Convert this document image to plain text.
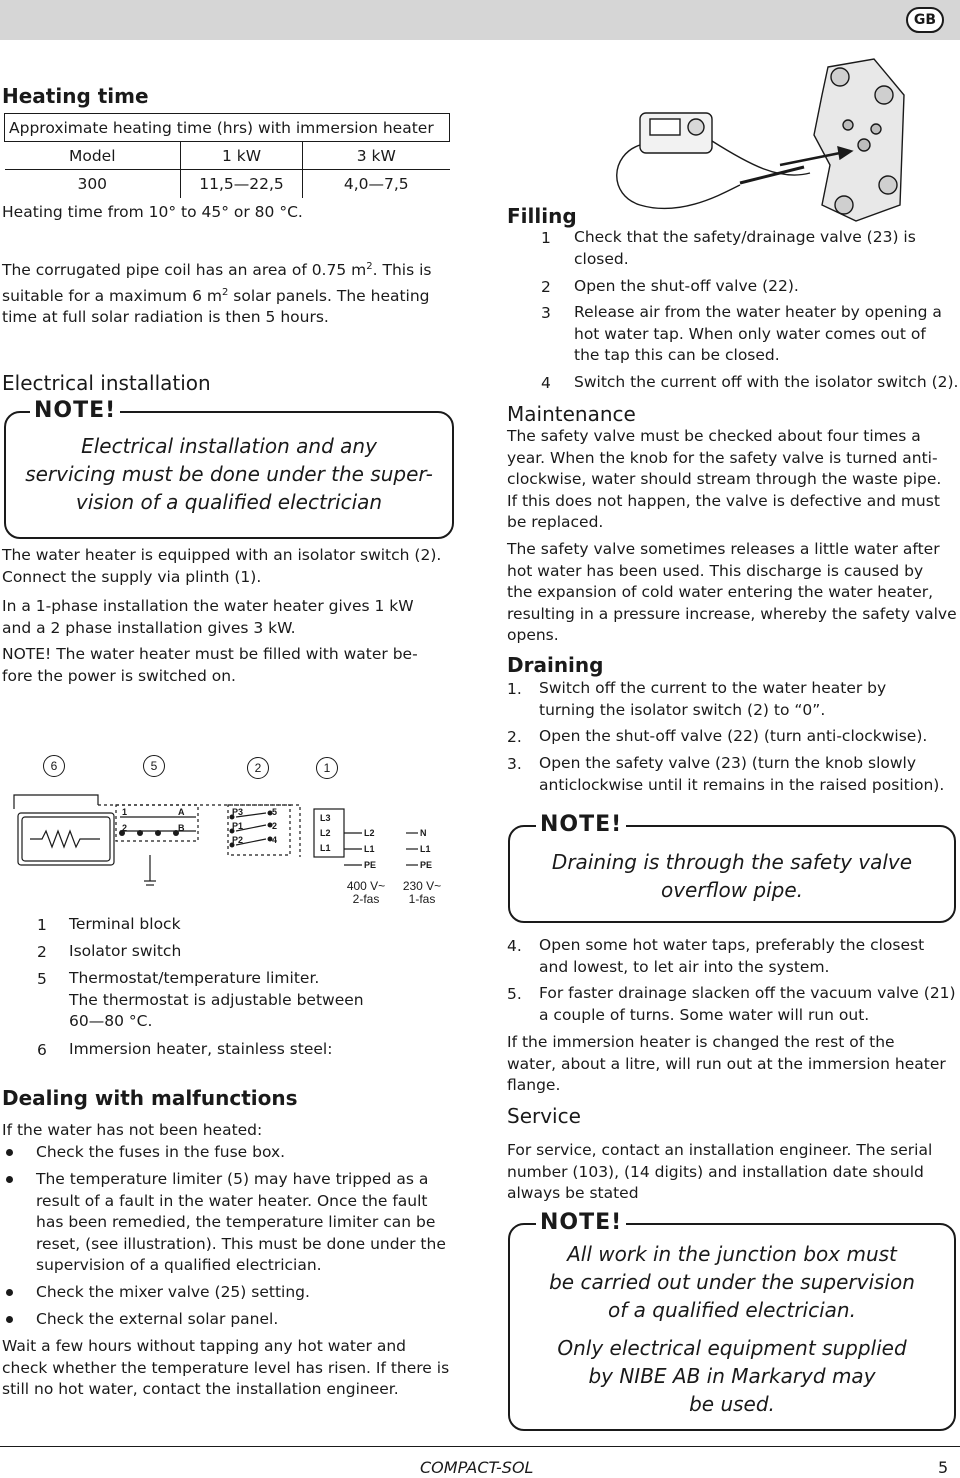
GB
Heating time
Approximate heating time (hrs) with immersion heater		
Model	1 kW	3 kW
300	11,5—22,5	4,0—7,5
Heating time from 10° to 45° or 80 °C.
The corrugated pipe coil has an area of 0.75 $m^2$. This is
suitable for a maximum 6 $m^2$ solar panels. The heating
time at full solar radiation is then 5 hours.
Electrical installation
NOTE!
Electrical installation and any
servicing must be done under the super-
vision of a qualified electrician
The water heater is equipped with an isolator switch (2).
Connect the supply via plinth (1).
In a 1-phase installation the water heater gives 1 kW
and a 2 phase installation gives 3 kW.
NOTE! The water heater must be filled with water be-
fore the power is switched on.
6	5	2	1
1	A
2	B
P3	5
P1	2
P2	4
L3
L2
L1
L2
L1
PE
N
L1
PE
400 V~
2-fas
230 V~
1-fas
1 Terminal block
2 Isolator switch
5 Thermostat/temperature limiter.
The thermostat is adjustable between
60—80 °C.
6 Immersion heater, stainless steel:
Dealing with malfunctions
If the water has not been heated:
Check the fuses in the fuse box.
The temperature limiter (5) may have tripped as a
result of a fault in the water heater. Once the fault
has been remedied, the temperature limiter can be
reset, (see illustration). This must be done under the
supervision of a qualified electrician.
Check the mixer valve (25) setting.
Check the external solar panel.
Wait a few hours without tapping any hot water and
check whether the temperature level has risen. If there is
still no hot water, contact the installation engineer.
Filling
1 Check that the safety/drainage valve (23) is
closed.
2 Open the shut-off valve (22).
3 Release air from the water heater by opening a
hot water tap. When only water comes out of
the tap this can be closed.
4 Switch the current off with the isolator switch (2).
Maintenance
The safety valve must be checked about four times a
year. When the knob for the safety valve is turned anti-
clockwise, water should stream through the waste pipe.
If this does not happen, the valve is defective and must
be replaced.
The safety valve sometimes releases a little water after
hot water has been used. This discharge is caused by
the expansion of cold water entering the water heater,
resulting in a pressure increase, whereby the safety valve
opens.
Draining
1. Switch off the current to the water heater by
turning the isolator switch (2) to “0”.
2. Open the shut-off valve (22) (turn anti-clockwise).
3. Open the safety valve (23) (turn the knob slowly
anticlockwise until it remains in the raised position).
NOTE!
Draining is through the safety valve
overflow pipe.
4. Open some hot water taps, preferably the closest
and lowest, to let air into the system.
5. For faster drainage slacken off the vacuum valve (21)
a couple of turns. Some water will run out.
If the immersion heater is changed the rest of the
water, about a litre, will run out at the immersion heater
flange.
Service
For service, contact an installation engineer. The serial
number (103), (14 digits) and installation date should
always be stated
NOTE!
All work in the junction box must
be carried out under the supervision
of a qualified electrician.
Only electrical equipment supplied
by NIBE AB in Markaryd may
be used.
COMPACT-SOL	5
